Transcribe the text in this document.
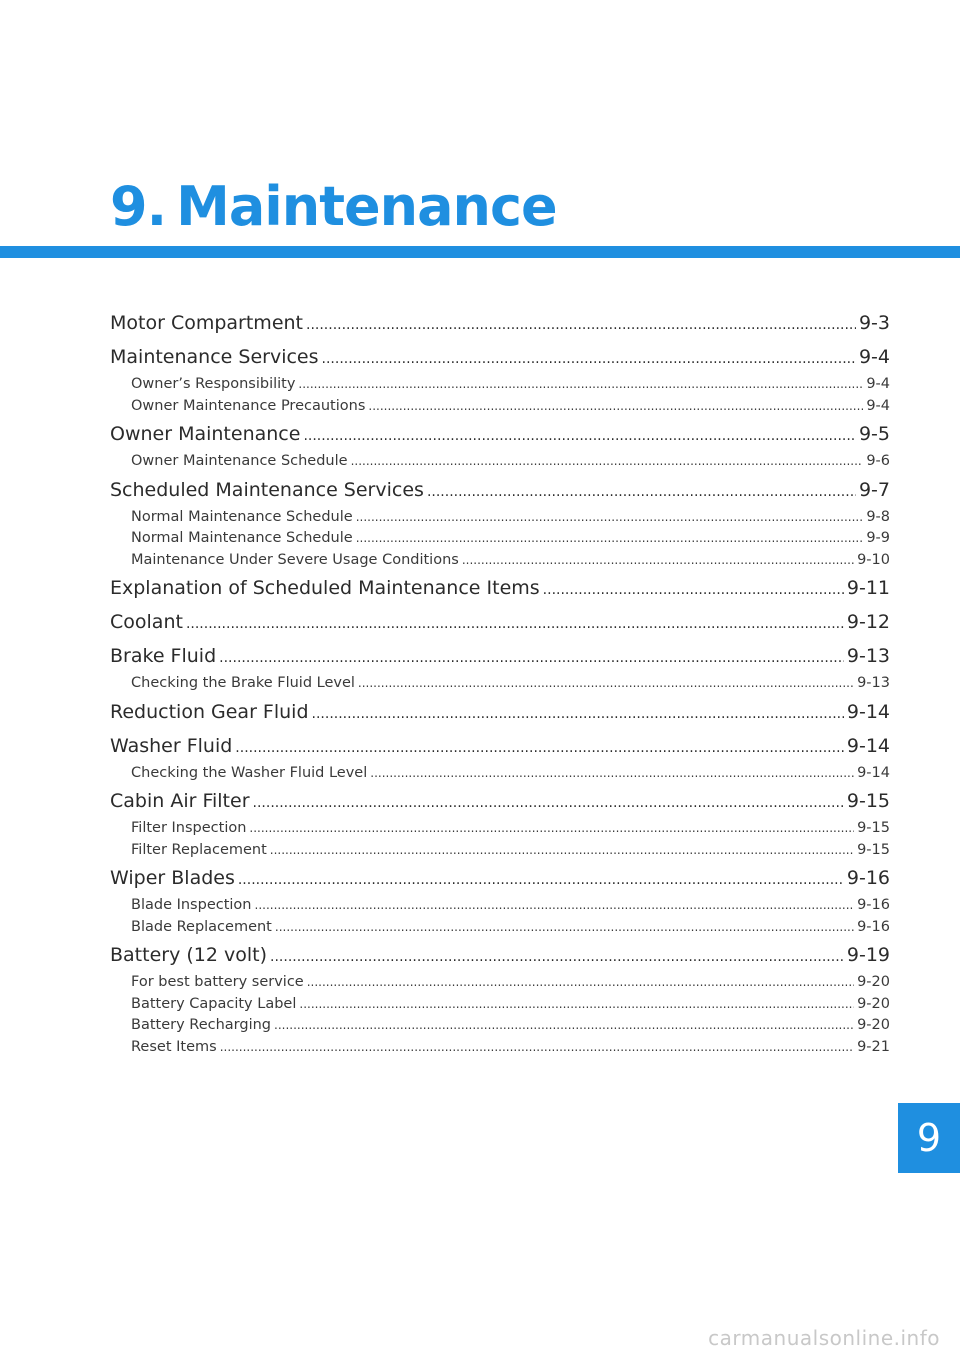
9. Maintenance
Motor Compartment .....	9-3
Maintenance Services .....	9-4
Owner’s Responsibility .....	9-4
Owner Maintenance Precautions .....	9-4
Owner Maintenance .....	9-5
Owner Maintenance Schedule .....	9-6
Scheduled Maintenance Services .....	9-7
Normal Maintenance Schedule .....	9-8
Normal Maintenance Schedule .....	9-9
Maintenance Under Severe Usage Conditions .....	9-10
Explanation of Scheduled Maintenance Items .....	9-11
Coolant .....	9-12
Brake Fluid .....	9-13
Checking the Brake Fluid Level .....	9-13
Reduction Gear Fluid .....	9-14
Washer Fluid .....	9-14
Checking the Washer Fluid Level .....	9-14
Cabin Air Filter .....	9-15
Filter Inspection .....	9-15
Filter Replacement .....	9-15
Wiper Blades .....	9-16
Blade Inspection .....	9-16
Blade Replacement .....	9-16
Battery (12 volt) .....	9-19
For best battery service .....	9-20
Battery Capacity Label .....	9-20
Battery Recharging .....	9-20
Reset Items .....	9-21
9
carmanualsonline.info
